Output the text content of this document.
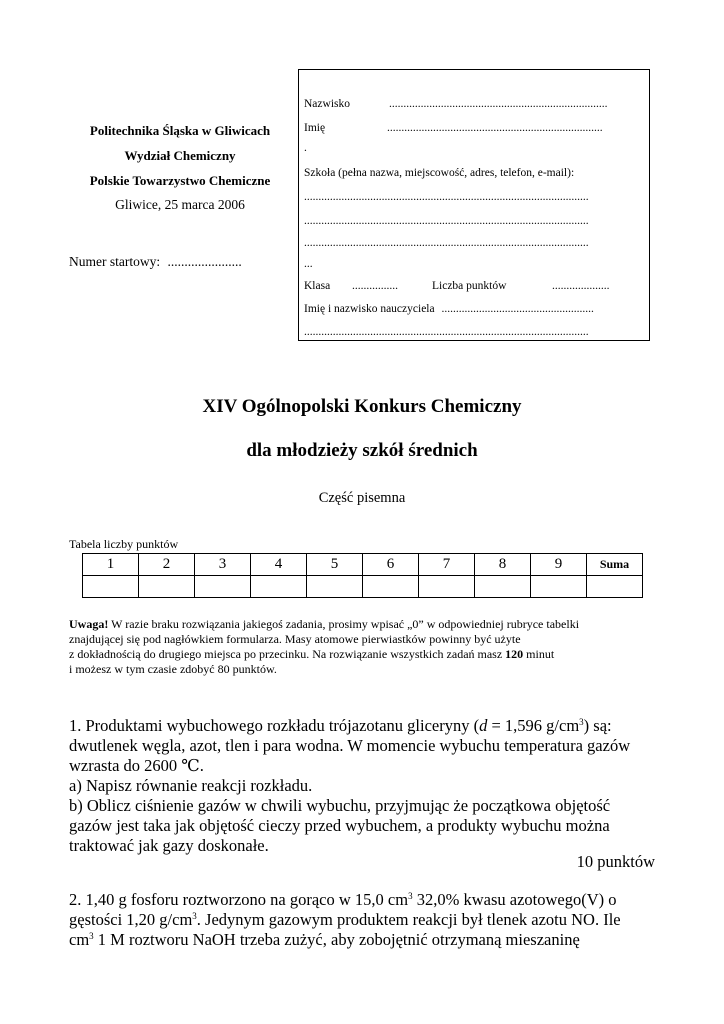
Politechnika Śląska w Gliwicach
Wydział Chemiczny
Polskie Towarzystwo Chemiczne
Gliwice, 25 marca 2006
Numer startowy: ......................
Nazwisko	............................................................................
Imię	...........................................................................
.
Szkoła (pełna nazwa, miejscowość, adres, telefon, e-mail):
...................................................................................................
...................................................................................................
...................................................................................................
...
Klasa ................	Liczba punktów	....................
Imię i nazwisko nauczyciela .....................................................
...................................................................................................
XIV Ogólnopolski Konkurs Chemiczny
dla młodzieży szkół średnich
Część pisemna
Tabela liczby punktów
1	2	3	4	5	6	7	8	9	Suma

Uwaga! W razie braku rozwiązania jakiegoś zadania, prosimy wpisać „0” w odpowiedniej rubryce tabelki
znajdującej się pod nagłówkiem formularza. Masy atomowe pierwiastków powinny być użyte
z dokładnością do drugiego miejsca po przecinku. Na rozwiązanie wszystkich zadań masz 120 minut
i możesz w tym czasie zdobyć 80 punktów.
1. Produktami wybuchowego rozkładu trójazotanu gliceryny (d = 1,596 $g/cm^3$) są:
dwutlenek węgla, azot, tlen i para wodna. W momencie wybuchu temperatura gazów
wzrasta do 2600 ℃.
a) Napisz równanie reakcji rozkładu.
b) Oblicz ciśnienie gazów w chwili wybuchu, przyjmując że początkowa objętość
gazów jest taka jak objętość cieczy przed wybuchem, a produkty wybuchu można
traktować jak gazy doskonałe.
10 punktów
2. 1,40 g fosforu roztworzono na gorąco w 15,0 $cm^3$ 32,0% kwasu azotowego(V) o
gęstości 1,20 $g/cm^3$. Jedynym gazowym produktem reakcji był tlenek azotu NO. Ile
$cm^3$ 1 M roztworu NaOH trzeba zużyć, aby zobojętnić otrzymaną mieszaninę
